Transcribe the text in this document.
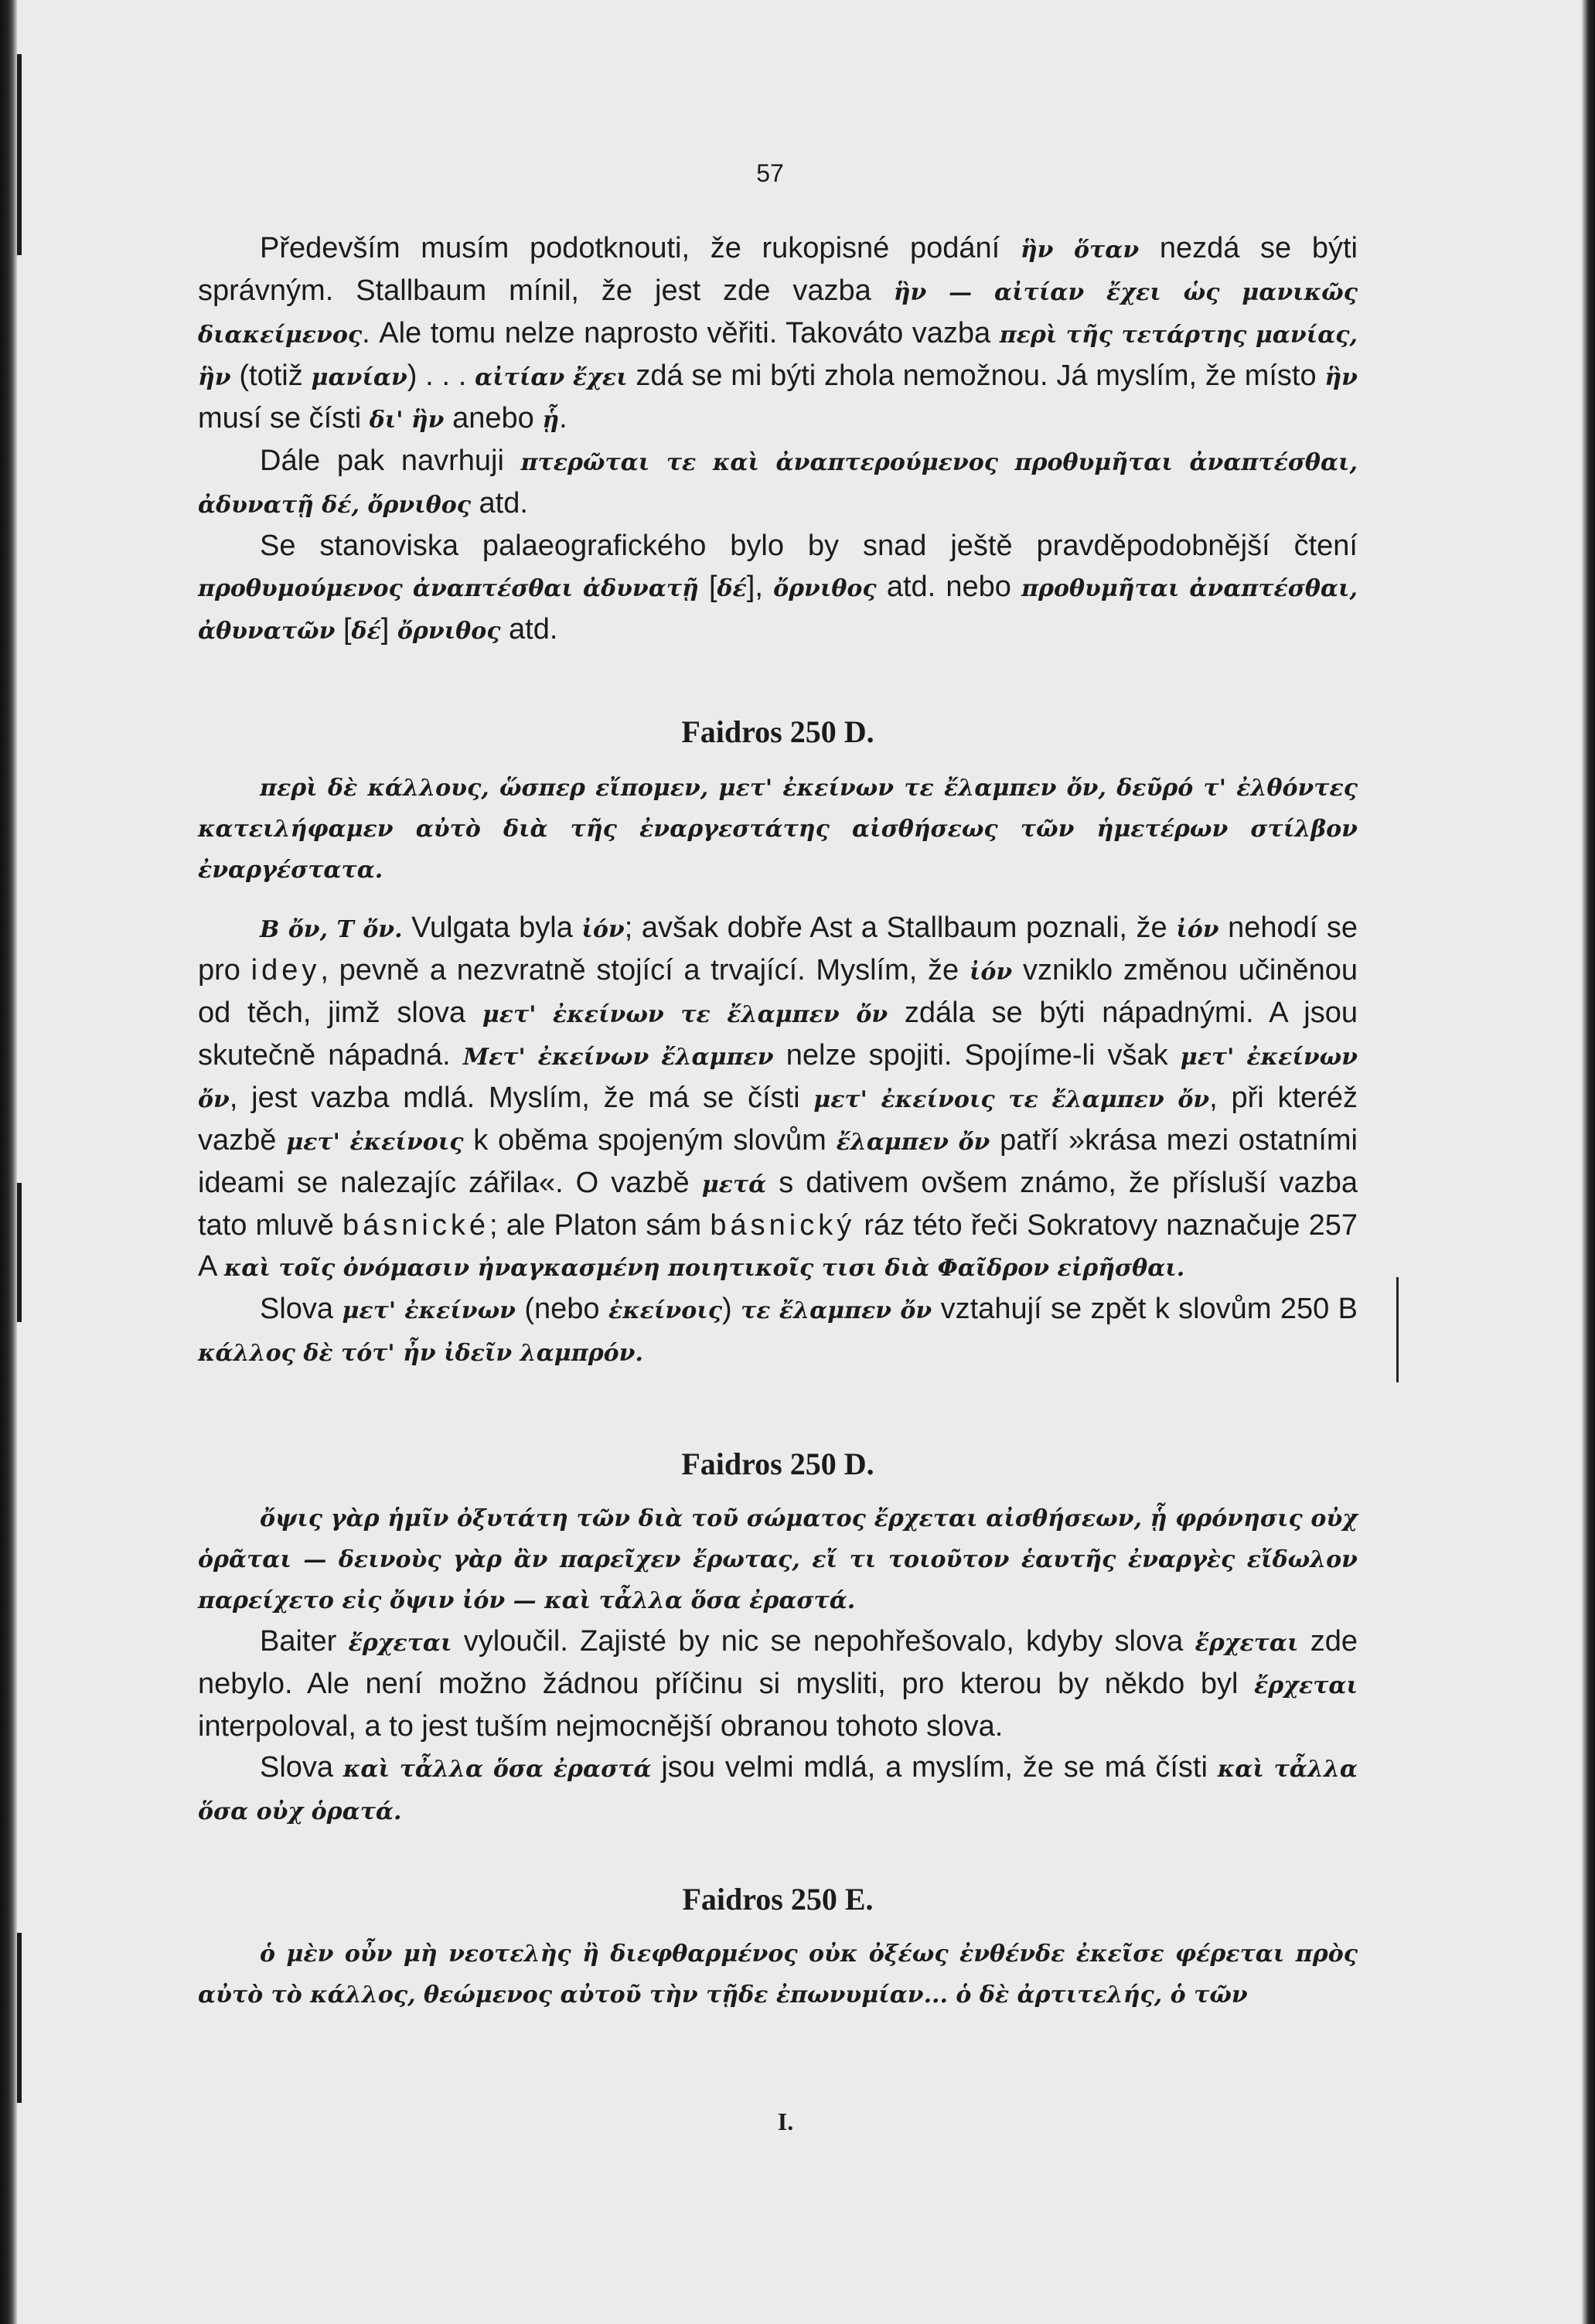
57

Především musím podotknouti, že rukopisné podání ἣν ὅταν nezdá se býti správným. Stallbaum mínil, že jest zde vazba ἣν — αἰτίαν ἔχει ὡς μανικῶς διακείμενος. Ale tomu nelze naprosto věřiti. Takováto vazba περὶ τῆς τετάρτης μανίας, ἣν (totiž μανίαν) . . . αἰτίαν ἔχει zdá se mi býti zhola nemožnou. Já myslím, že místo ἣν musí se čísti δι' ἣν anebo ᾗ.

Dále pak navrhuji πτερῶται τε καὶ ἀναπτερούμενος προθυμῆται ἀναπτέσθαι, ἀδυνατῇ δέ, ὄρνιθος atd.

Se stanoviska palaeografického bylo by snad ještě pravděpodobnější čtení προθυμούμενος ἀναπτέσθαι ἀδυνατῇ [δέ], ὄρνιθος atd. nebo προθυμῆται ἀναπτέσθαι, ἀθυνατῶν [δέ] ὄρνιθος atd.

Faidros 250 D.

περὶ δὲ κάλλους, ὥσπερ εἴπομεν, μετ' ἐκείνων τε ἔλαμπεν ὄν, δεῦρό τ' ἐλθόντες κατειλήφαμεν αὐτὸ διὰ τῆς ἐναργεστάτης αἰσθήσεως τῶν ἡμετέρων στίλβον ἐναργέστατα.

B ὄν, T ὄν. Vulgata byla ἰόν; avšak dobře Ast a Stallbaum poznali, že ἰόν nehodí se pro idey, pevně a nezvratně stojící a trvající. Myslím, že ἰόν vzniklo změnou učiněnou od těch, jimž slova μετ' ἐκείνων τε ἔλαμπεν ὄν zdála se býti nápadnými. A jsou skutečně nápadná. Μετ' ἐκείνων ἔλαμπεν nelze spojiti. Spojíme-li však μετ' ἐκείνων ὄν, jest vazba mdlá. Myslím, že má se čísti μετ' ἐκείνοις τε ἔλαμπεν ὄν, při kteréž vazbě μετ' ἐκείνοις k oběma spojeným slovům ἔλαμπεν ὄν patří »krása mezi ostatními ideami se nalezajíc zářila«. O vazbě μετά s dativem ovšem známo, že přísluší vazba tato mluvě básnické; ale Platon sám básnický ráz této řeči Sokratovy naznačuje 257 A καὶ τοῖς ὀνόμασιν ἠναγκασμένη ποιητικοῖς τισι διὰ Φαῖδρον εἰρῆσθαι.

Slova μετ' ἐκείνων (nebo ἐκείνοις) τε ἔλαμπεν ὄν vztahují se zpět k slovům 250 B κάλλος δὲ τότ' ἦν ἰδεῖν λαμπρόν.

Faidros 250 D.

ὄψις γὰρ ἡμῖν ὀξυτάτη τῶν διὰ τοῦ σώματος ἔρχεται αἰσθήσεων, ᾗ φρόνησις οὐχ ὁρᾶται — δεινοὺς γὰρ ἂν παρεῖχεν ἔρωτας, εἴ τι τοιοῦτον ἑαυτῆς ἐναργὲς εἴδωλον παρείχετο εἰς ὄψιν ἰόν — καὶ τἆλλα ὅσα ἐραστά.

Baiter ἔρχεται vyloučil. Zajisté by nic se nepohřešovalo, kdyby slova ἔρχεται zde nebylo. Ale není možno žádnou příčinu si mysliti, pro kterou by někdo byl ἔρχεται interpoloval, a to jest tuším nejmocnější obranou tohoto slova.

Slova καὶ τἆλλα ὅσα ἐραστά jsou velmi mdlá, a myslím, že se má čísti καὶ τἆλλα ὅσα οὐχ ὁρατά.

Faidros 250 E.

ὁ μὲν οὖν μὴ νεοτελὴς ἢ διεφθαρμένος οὐκ ὀξέως ἐνθένδε ἐκεῖσε φέρεται πρὸς αὐτὸ τὸ κάλλος, θεώμενος αὐτοῦ τὴν τῇδε ἐπωνυμίαν... ὁ δὲ ἀρτιτελής, ὁ τῶν

I.
